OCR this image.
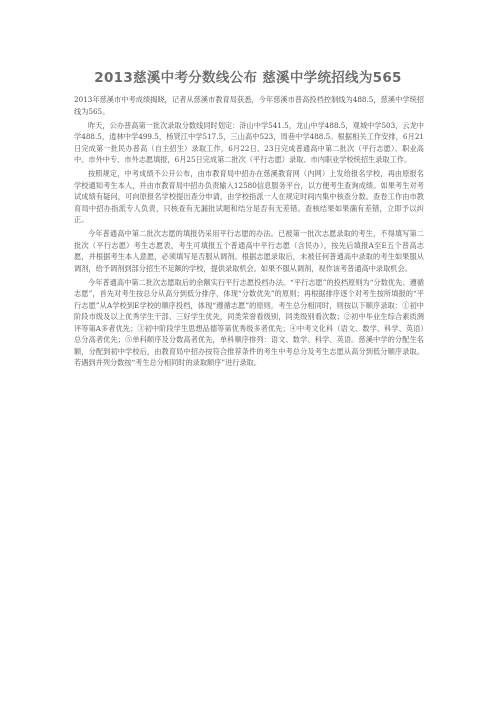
2013慈溪中考分数线公布 慈溪中学统招线为565

2013年慈溪市中考成绩揭晓，记者从慈溪市教育局获悉，今年慈溪市普高投档控制线为488.5，慈溪中学统招线为565。

昨天，公办普高第一批次录取分数线同时划定：浒山中学541.5，龙山中学488.5，观城中学503，云龙中学488.5，逍林中学499.5，杨贤江中学517.5，三山高中523，周巷中学488.5。根据相关工作安排，6月21日完成第一批民办普高（自主招生）录取工作，6月22日、23日完成普通高中第二批次（平行志愿）、职业高中、市外中专、市外志愿填报，6月25日完成第二批次（平行志愿）录取、市内职业学校统招生录取工作。

按照规定，中考成绩不公开公布，由市教育局中招办在慈溪教育网（内网）上发给报名学校，再由原报名学校通知考生本人，并由市教育局中招办负责输入12580信息服务平台，以方便考生查询成绩。如果考生对考试成绩有疑问，可向原报名学校提出查分申请，由学校指派一人在规定时间内集中核查分数。查卷工作由市教育局中招办指派专人负责，只核查有无漏批试题和结分是否有无差错。查核结果如果确有差错，立即予以纠正。

今年普通高中第二批次志愿的填报仍采用平行志愿的办法。已被第一批次志愿录取的考生，不得填写第二批次（平行志愿）考生志愿表，考生可填报五个普通高中平行志愿（含民办），按先后填报A至E五个普高志愿，并根据考生本人意愿，必须填写是否服从调剂。根据志愿录取后，未被任何普通高中录取的考生如果服从调剂，给予调剂到部分招生不足额的学校，提供录取机会。如果不服从调剂，视作该考普通高中录取机会。

今年普通高中第二批次志愿取后的余额实行平行志愿投档办法。“平行志愿”的投档原则为“分数优先、遵循志愿”，首先对考生按总分从高分到低分排序，体现“分数优先”的原则；再根据排序逐个对考生按所填报的“平行志愿”从A学校到E学校的顺序投档，体现“遵循志愿”的原则。考生总分相同时，则按以下顺序录取：①初中阶段市级及以上优秀学生干部、三好学生优先，同类荣誉看级别，同类级别看次数；②初中毕业生综合素质测评等第A多者优先；③初中阶段学生思想品德等第优秀级多者优先；④中考文化科（语文、数学、科学、英语）总分高者优先；⑤单科顺序及分数高者优先，单科顺序排列：语文、数学、科学、英语。慈溪中学的分配生名额，分配到初中学校后，由教育局中招办按符合推荐条件的考生中考总分及考生志愿从高分到低分顺序录取。若遇到并列分数按“考生总分相同时的录取顺序”进行录取。
